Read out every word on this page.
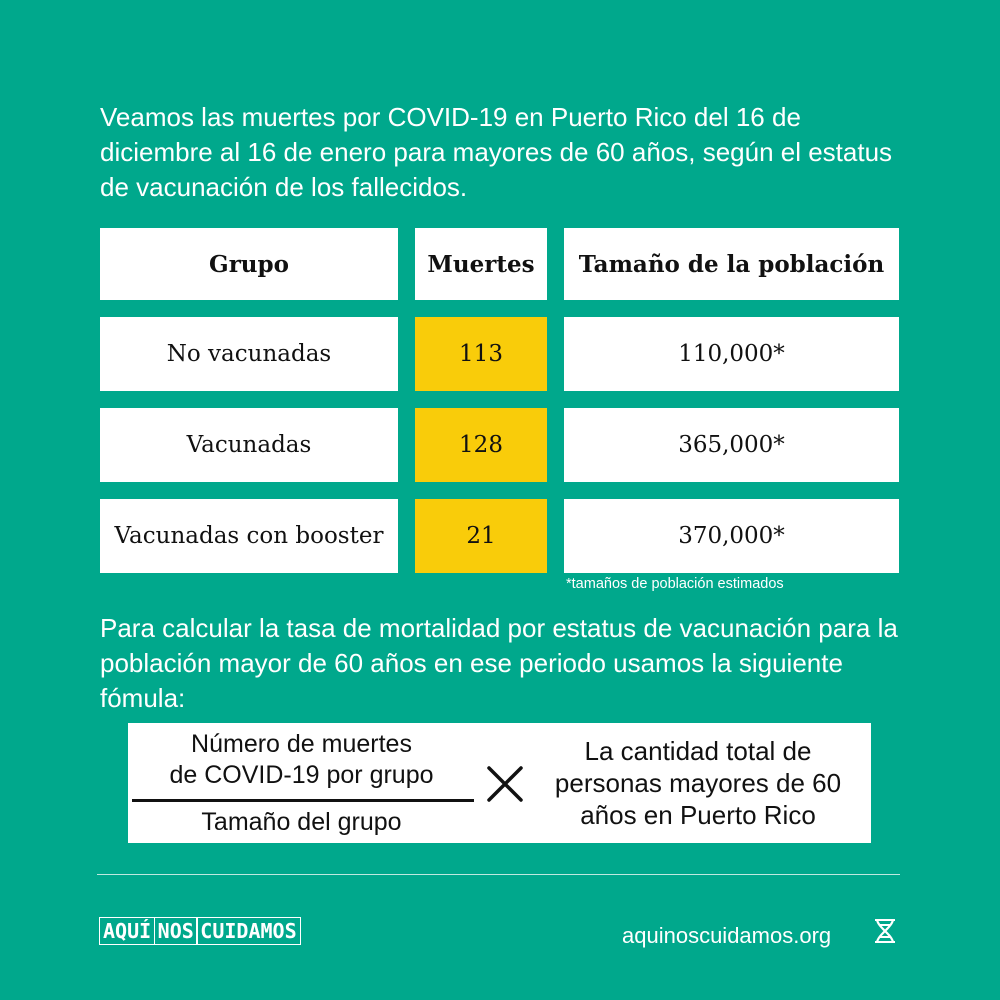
Veamos las muertes por COVID-19 en Puerto Rico del 16 de diciembre al 16 de enero para mayores de 60 años, según el estatus de vacunación de los fallecidos.

Grupo	Muertes	Tamaño de la población
No vacunadas	113	110,000*
Vacunadas	128	365,000*
Vacunadas con booster	21	370,000*
*tamaños de población estimados

Para calcular la tasa de mortalidad por estatus de vacunación para la población mayor de 60 años en ese periodo usamos la siguiente fómula:

Número de muertes
de COVID-19 por grupo
Tamaño del grupo
La cantidad total de
personas mayores de 60
años en Puerto Rico
AQUÍ NOS CUIDAMOS	aquinoscuidamos.org
